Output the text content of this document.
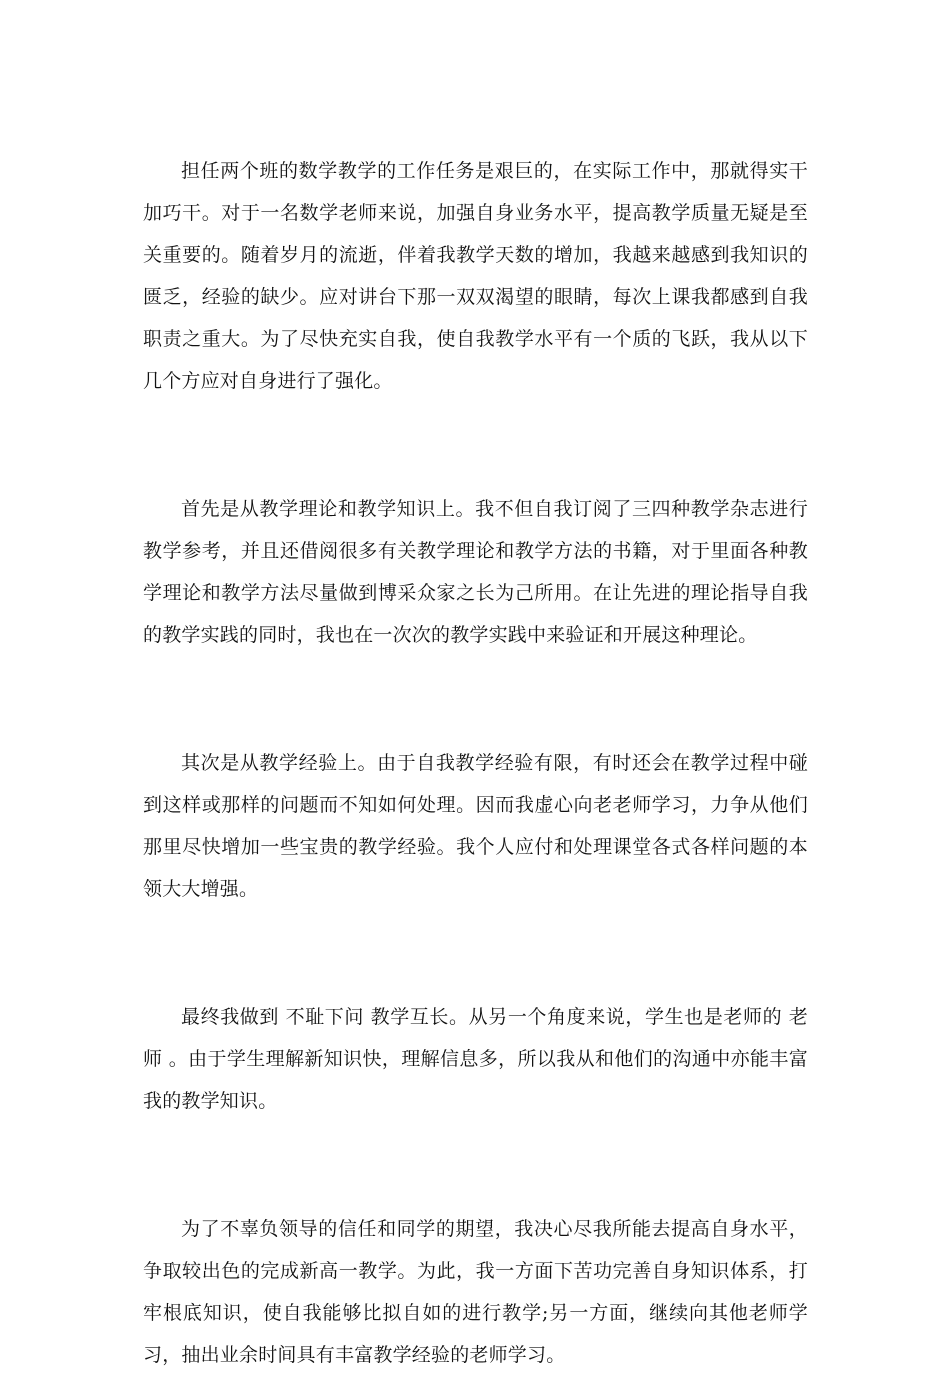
担任两个班的数学教学的工作任务是艰巨的，在实际工作中，那就得实干加巧干。对于一名数学老师来说，加强自身业务水平，提高教学质量无疑是至关重要的。随着岁月的流逝，伴着我教学天数的增加，我越来越感到我知识的匮乏，经验的缺少。应对讲台下那一双双渴望的眼睛，每次上课我都感到自我职责之重大。为了尽快充实自我，使自我教学水平有一个质的飞跃，我从以下几个方应对自身进行了强化。

首先是从教学理论和教学知识上。我不但自我订阅了三四种教学杂志进行教学参考，并且还借阅很多有关教学理论和教学方法的书籍，对于里面各种教学理论和教学方法尽量做到博采众家之长为己所用。在让先进的理论指导自我的教学实践的同时，我也在一次次的教学实践中来验证和开展这种理论。

其次是从教学经验上。由于自我教学经验有限，有时还会在教学过程中碰到这样或那样的问题而不知如何处理。因而我虚心向老老师学习，力争从他们那里尽快增加一些宝贵的教学经验。我个人应付和处理课堂各式各样问题的本领大大增强。

最终我做到 不耻下问 教学互长。从另一个角度来说，学生也是老师的 老师 。由于学生理解新知识快，理解信息多，所以我从和他们的沟通中亦能丰富我的教学知识。

为了不辜负领导的信任和同学的期望，我决心尽我所能去提高自身水平，争取较出色的完成新高一教学。为此，我一方面下苦功完善自身知识体系，打牢根底知识，使自我能够比拟自如的进行教学;另一方面，继续向其他老师学习，抽出业余时间具有丰富教学经验的老师学习。
